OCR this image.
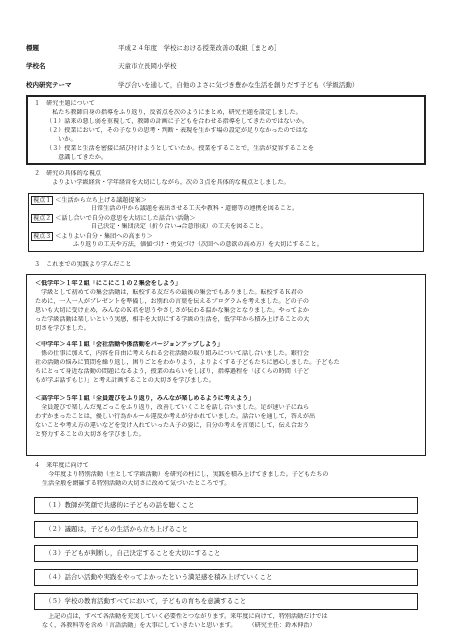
標題	平成２４年度　学校における授業改善の取組［まとめ］
学校名	天童市立長岡小学校
校内研究テーマ	学び合いを通して，自他のよさに気づき豊かな生活を創りだす子ども（学級活動）
１　研究主題について
　私たち教師自身の指導をふり返り，反省点を次のようにまとめ，研究主題を設定しました。
（１）話来の悪し弱を重視して，教師の計画に子どもを合わせる指導をしてきたのではないか。
（２）授業において，その子なりの思考・判断・表現を生かす場の設定が足りなかったのではな
　　いか。
（３）授業と生活を密接に結び付けようとしていたか。授業をすることで，生活が変容することを
　　意識してきたか。
２　研究の具体的な視点
よりよい学級経営・学年経営を大切にしながら，次の３点を具体的な視点としました。
視点１ ＜生活から立ち上げる議題提案＞
日常生活の中から議題を表出させる工夫や教科・道徳等の連携を図ること。
視点２ ＜話し合いで自分の意思を大切にした話合い活動＞
自己決定・集団決定（折り合い→合意形成）の工夫を図ること。
視点３ ＜よりよい自分・集団への高まり＞
ふり返りの工夫や方法，価値づけ・勇気づけ（次回への意欲の高め方）を大切にすること。
３　これまでの実践より学んだこと
＜低学年＞１年２組「にこにこ１の２集会をしよう」
　学級として初めての集会活動は，転校する友だちの最後の集会でもありました。転校するＫ君の
ために，一人一人がプレゼントを準備し，お別れの言葉を伝えるプログラムを考えました。どの子の
思いも大切に受け止め，みんなのＫ君を思うやさしさが伝わる温かな集会となりました。やってよか
った学級活動は楽しいという実感，相手を大切にする学級の生活を，低学年から積み上げることの大
切さを学びました。
＜中学年＞４年１組「会社活動や係活動をバージョンアップしよう」
　係の仕事に加えて，内容を自由に考えられる会社活動の取り組みについて話し合いました。銀行会
社の活動の悩みに質問を繰り返し，困りごとをわかりよう，よりよくする子どもたちに感心しました。子どもた
ちにとって身近な活動の問題になるよう，授業のねらいをしぼり，指導過程を「ぼくらの時間（子ど
もが学ぶ話すもじ）」と考え計画することの大切さを学びました。
＜高学年＞５年１組「全員遊びをふり返り，みんなが楽しめるように考えよう」
　全員遊びで楽しんだ鬼ごっこをふり返り，改善していくことを話し合いました。足が速い子にねら
わずかまったことは，優しい行為かルール違反か考えが分かれていました。話合いを通して，答えが出
ないことや考え方の違いなどを受け入れていったＡ子の姿に，自分の考えを言葉にして，伝え合おう
と努力することの大切さを学びました。
４　来年度に向けて
　今年度より特別活動（主として学級活動）を研究の柱にし，実践を積み上げてきました。子どもたちの
生活全般を網羅する特別活動の大切さに改めて気づいたところです。
（１）教師が笑顔で共感的に子どもの話を聴くこと
（２）議題は，子どもの生活から立ち上げること
（３）子どもが判断し，自己決定することを大切にすること
（４）話合い活動や実践をやってよかったという満足感を積み上げていくこと
（５）学校の教育活動すべてにおいて，子どもの育ちを意識すること
　上記の点は，すべて各活動を充実していく必要性とつながります。来年度に向けて，特別活動だけでは
なく，各教科等を含め「言語活動」を大事にしていきたいと思います。　　　（研究主任：鈴木伸治）
